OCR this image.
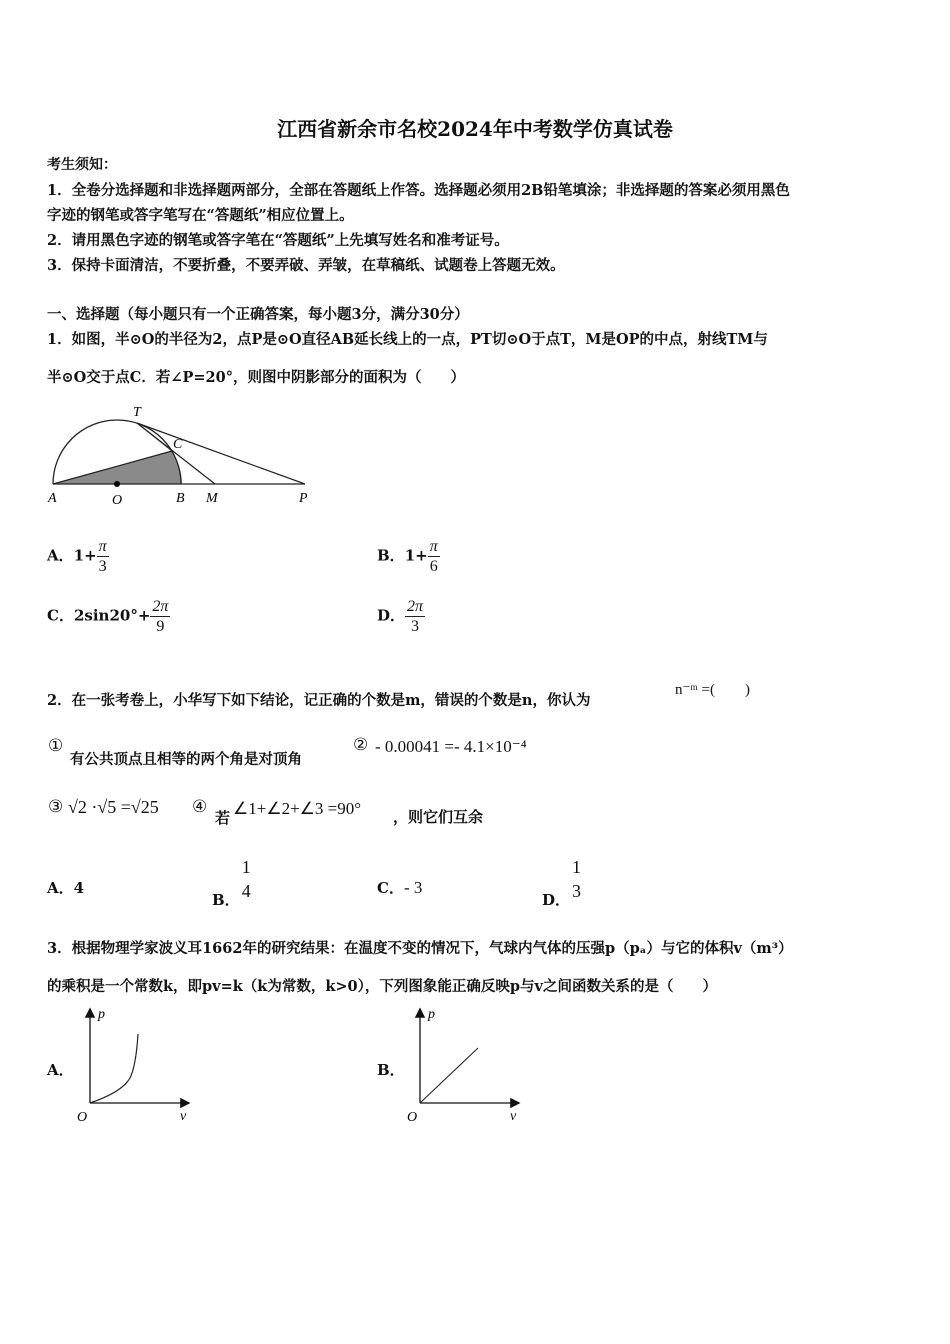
江西省新余市名校2024年中考数学仿真试卷
考生须知：
1．全卷分选择题和非选择题两部分，全部在答题纸上作答。选择题必须用2B铅笔填涂；非选择题的答案必须用黑色
字迹的钢笔或答字笔写在“答题纸”相应位置上。
2．请用黑色字迹的钢笔或答字笔在“答题纸”上先填写姓名和准考证号。
3．保持卡面清洁，不要折叠，不要弄破、弄皱，在草稿纸、试题卷上答题无效。
一、选择题（每小题只有一个正确答案，每小题3分，满分30分）
1．如图，半⊙O的半径为2，点P是⊙O直径AB延长线上的一点，PT切⊙O于点T，M是OP的中点，射线TM与
半⊙O交于点C．若∠P=20°，则图中阴影部分的面积为（　　）
A	O	B M	P
T
C
A．$1+ \frac{\pi}{3}$	B．$1+ \frac{\pi}{6}$
C．$2\sin 20^\circ+ \frac{2\pi}{9}$	D． $\frac{2\pi}{3}$
2．在一张考卷上，小华写下如下结论，记正确的个数是m，错误的个数是n，你认为
n⁻ᵐ =(　　)
①
有公共顶点且相等的两个角是对顶角
② - 0.00041 =- 4.1×10⁻⁴
③ √2 ·√5 =√25 ④
若 ∠1+∠2+∠3 =90° ，则它们互余
A．4
B．
1
4	C．- 3
D．
1
3
3．根据物理学家波义耳1662年的研究结果：在温度不变的情况下，气球内气体的压强p（pₐ）与它的体积v（m³）
的乘积是一个常数k，即pv=k（k为常数，k>0），下列图象能正确反映p与v之间函数关系的是（　　）
A．
p
v
O
B．
p
v
O
